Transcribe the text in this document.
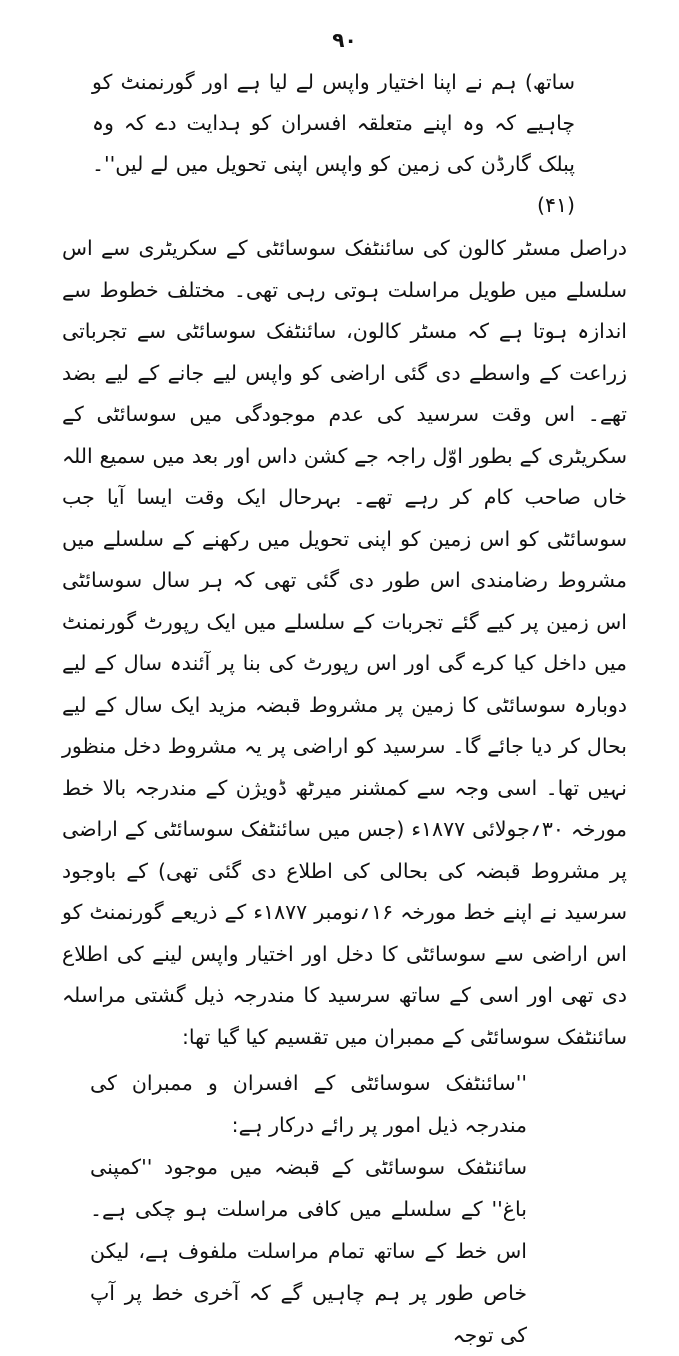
۹۰

ساتھ) ہم نے اپنا اختیار واپس لے لیا ہے اور گورنمنٹ کو چاہیے کہ وہ اپنے متعلقہ افسران کو ہدایت دے کہ وہ پبلک گارڈن کی زمین کو واپس اپنی تحویل میں لے لیں''۔(۴۱)

دراصل مسٹر کالون کی سائنٹفک سوسائٹی کے سکریٹری سے اس سلسلے میں طویل مراسلت ہوتی رہی تھی۔ مختلف خطوط سے اندازہ ہوتا ہے کہ مسٹر کالون، سائنٹفک سوسائٹی سے تجرباتی زراعت کے واسطے دی گئی اراضی کو واپس لیے جانے کے لیے بضد تھے۔ اس وقت سرسید کی عدم موجودگی میں سوسائٹی کے سکریٹری کے بطور اوّل راجہ جے کشن داس اور بعد میں سمیع اللہ خاں صاحب کام کر رہے تھے۔ بہرحال ایک وقت ایسا آیا جب سوسائٹی کو اس زمین کو اپنی تحویل میں رکھنے کے سلسلے میں مشروط رضامندی اس طور دی گئی تھی کہ ہر سال سوسائٹی اس زمین پر کیے گئے تجربات کے سلسلے میں ایک رپورٹ گورنمنٹ میں داخل کیا کرے گی اور اس رپورٹ کی بنا پر آئندہ سال کے لیے دوبارہ سوسائٹی کا زمین پر مشروط قبضہ مزید ایک سال کے لیے بحال کر دیا جائے گا۔ سرسید کو اراضی پر یہ مشروط دخل منظور نہیں تھا۔ اسی وجہ سے کمشنر میرٹھ ڈویژن کے مندرجہ بالا خط مورخہ ۳۰؍جولائی ۱۸۷۷ء (جس میں سائنٹفک سوسائٹی کے اراضی پر مشروط قبضہ کی بحالی کی اطلاع دی گئی تھی) کے باوجود سرسید نے اپنے خط مورخہ ۱۶؍نومبر ۱۸۷۷ء کے ذریعے گورنمنٹ کو اس اراضی سے سوسائٹی کا دخل اور اختیار واپس لینے کی اطلاع دی تھی اور اسی کے ساتھ سرسید کا مندرجہ ذیل گشتی مراسلہ سائنٹفک سوسائٹی کے ممبران میں تقسیم کیا گیا تھا:

''سائنٹفک سوسائٹی کے افسران و ممبران کی مندرجہ ذیل امور پر رائے درکار ہے:

سائنٹفک سوسائٹی کے قبضہ میں موجود ''کمپنی باغ'' کے سلسلے میں کافی مراسلت ہو چکی ہے۔ اس خط کے ساتھ تمام مراسلت ملفوف ہے، لیکن خاص طور پر ہم چاہیں گے کہ آخری خط پر آپ کی توجہ
